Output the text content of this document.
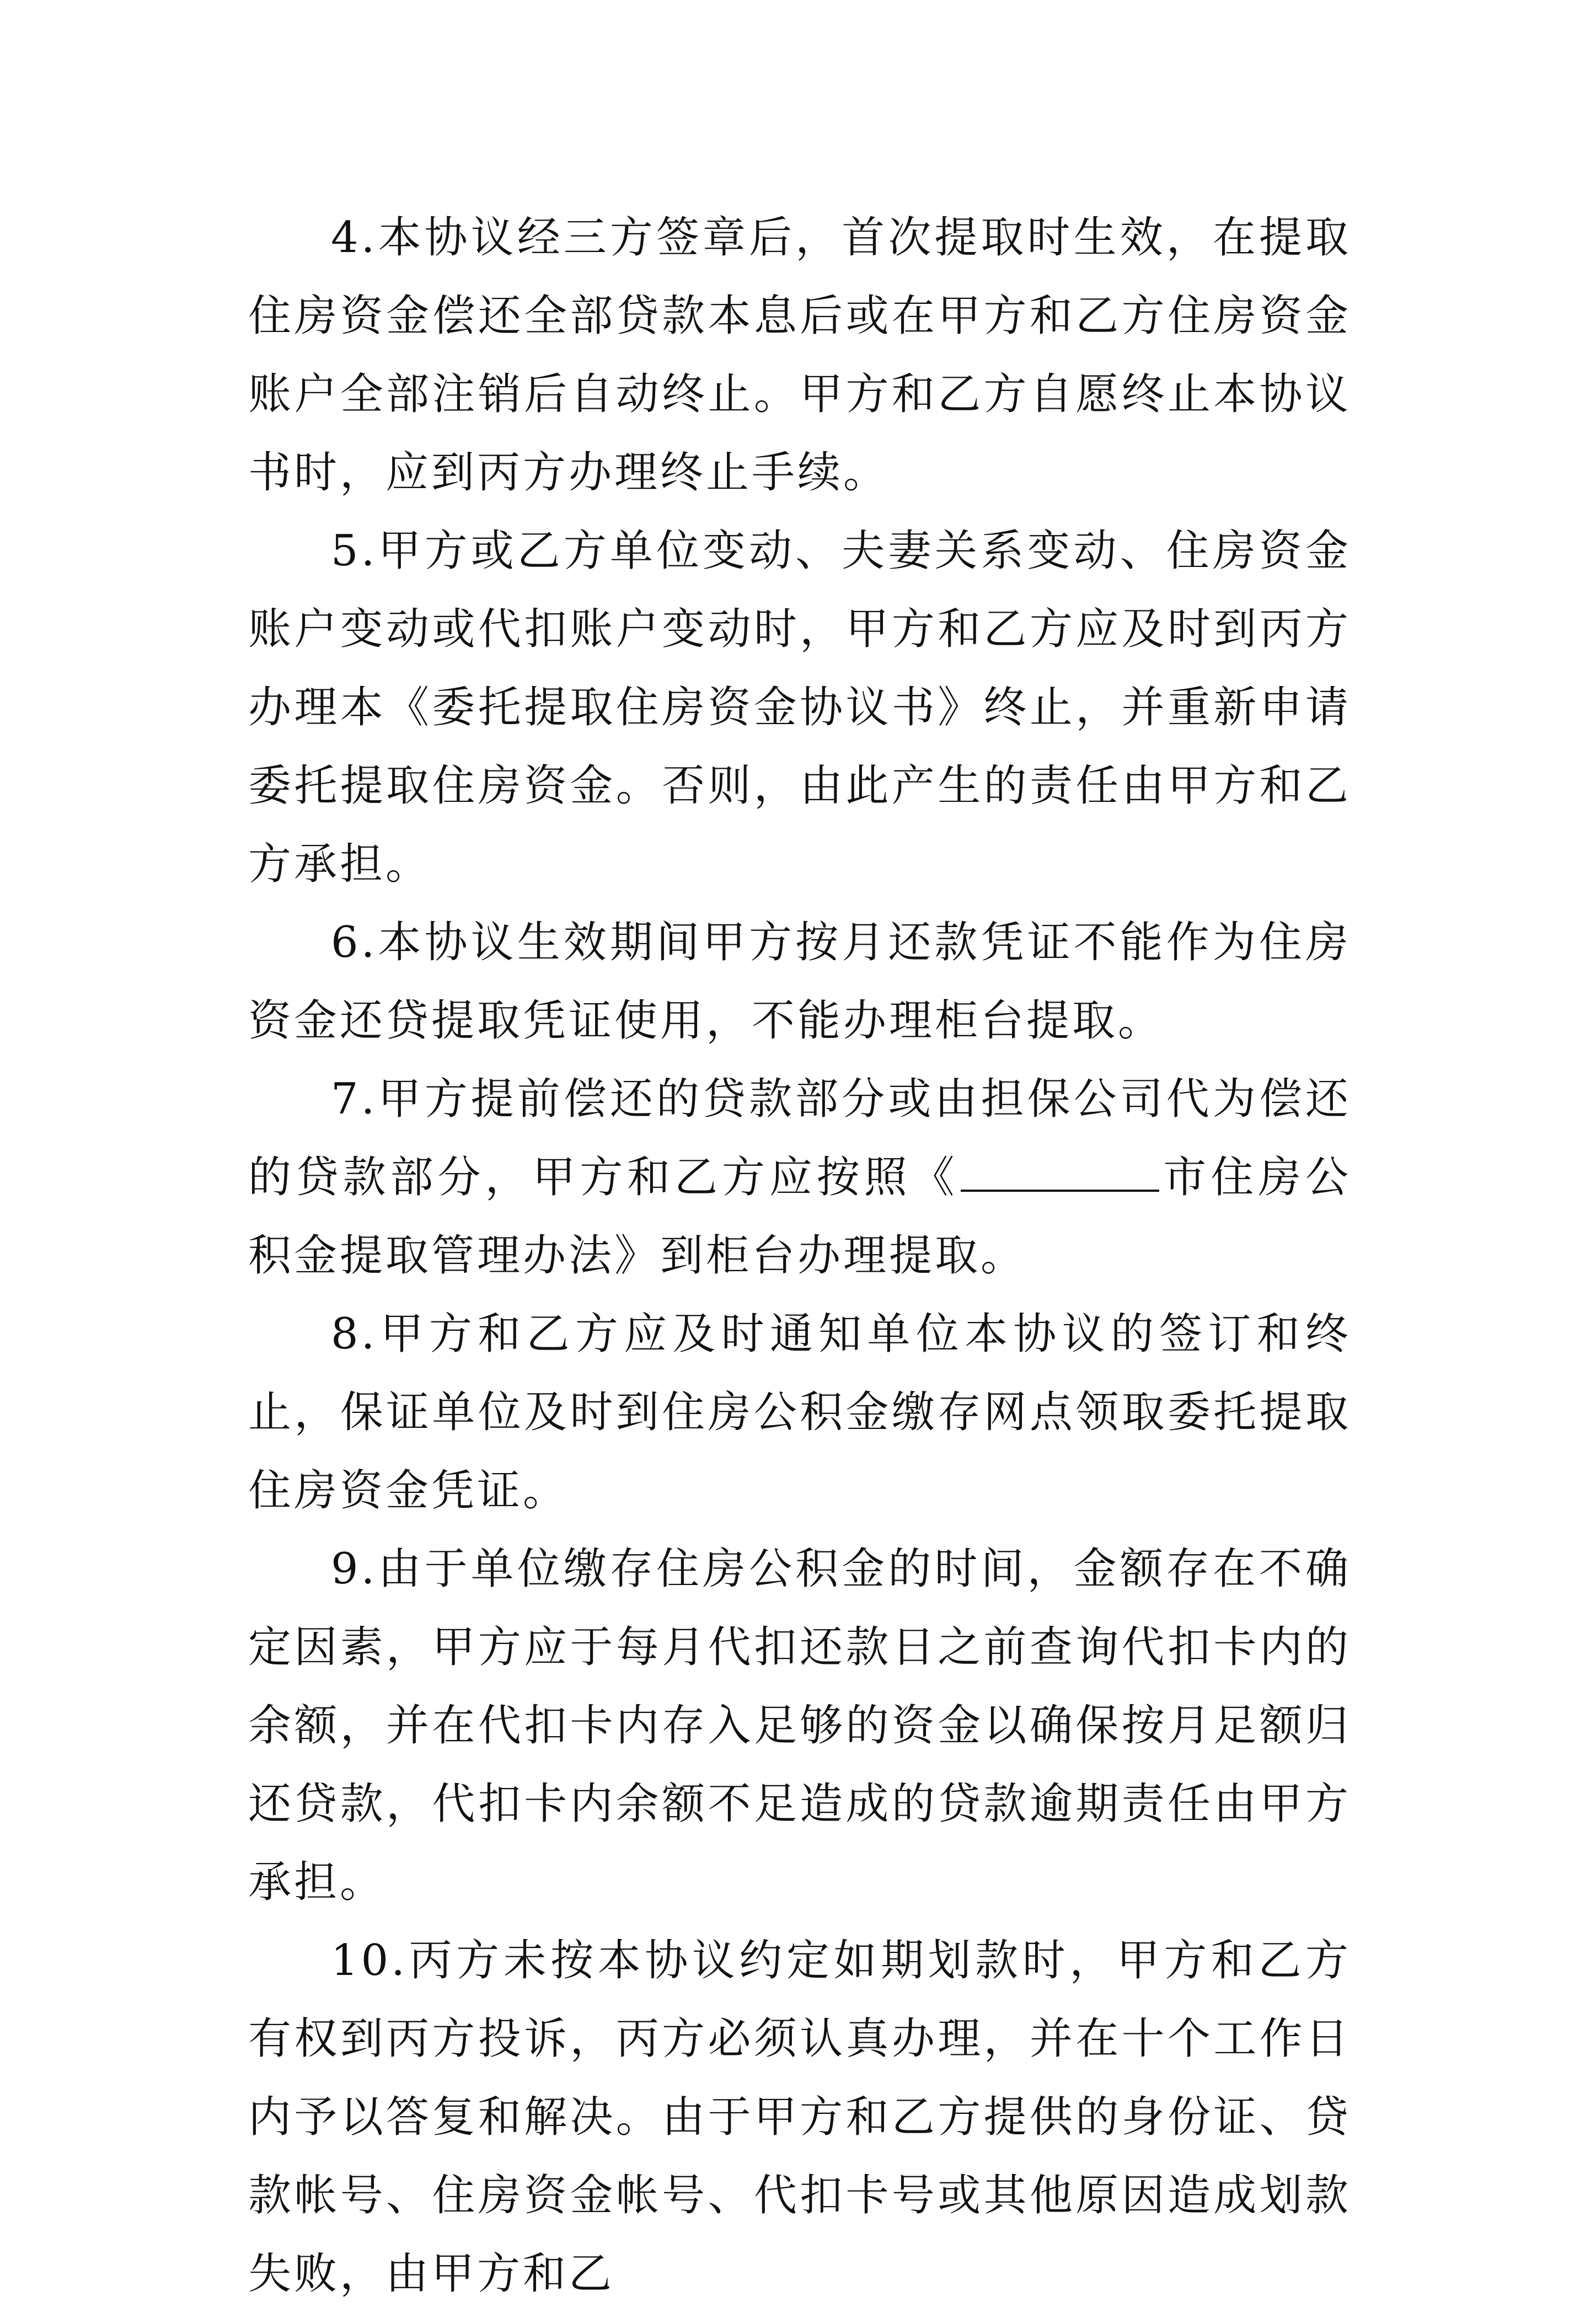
4.本协议经三方签章后，首次提取时生效，在提取住房资金偿还全部贷款本息后或在甲方和乙方住房资金账户全部注销后自动终止。甲方和乙方自愿终止本协议书时，应到丙方办理终止手续。

5.甲方或乙方单位变动、夫妻关系变动、住房资金账户变动或代扣账户变动时，甲方和乙方应及时到丙方办理本《委托提取住房资金协议书》终止，并重新申请委托提取住房资金。否则，由此产生的责任由甲方和乙方承担。

6.本协议生效期间甲方按月还款凭证不能作为住房资金还贷提取凭证使用，不能办理柜台提取。

7.甲方提前偿还的贷款部分或由担保公司代为偿还的贷款部分，甲方和乙方应按照《	市住房公积金提取管理办法》到柜台办理提取。

8.甲方和乙方应及时通知单位本协议的签订和终止，保证单位及时到住房公积金缴存网点领取委托提取住房资金凭证。

9.由于单位缴存住房公积金的时间，金额存在不确定因素，甲方应于每月代扣还款日之前查询代扣卡内的余额，并在代扣卡内存入足够的资金以确保按月足额归还贷款，代扣卡内余额不足造成的贷款逾期责任由甲方承担。

10.丙方未按本协议约定如期划款时，甲方和乙方有权到丙方投诉，丙方必须认真办理，并在十个工作日内予以答复和解决。由于甲方和乙方提供的身份证、贷款帐号、住房资金帐号、代扣卡号或其他原因造成划款失败，由甲方和乙
